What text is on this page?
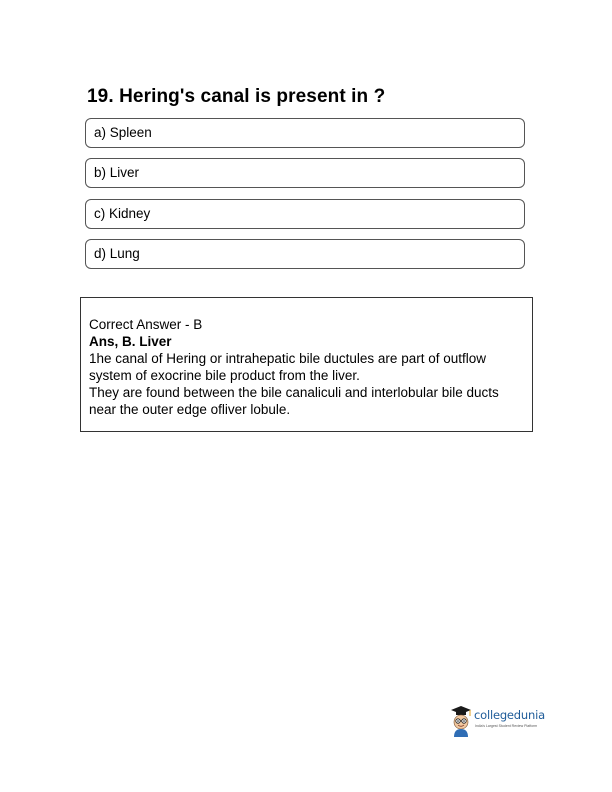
19. Hering's canal is present in ?
a) Spleen
b) Liver
c) Kidney
d) Lung
Correct Answer - B
Ans, B. Liver
1he canal of Hering or intrahepatic bile ductules are part of outflow
system of exocrine bile product from the liver.
They are found between the bile canaliculi and interlobular bile ducts
near the outer edge ofliver lobule.
collegedunia
India's Largest Student Review Platform
